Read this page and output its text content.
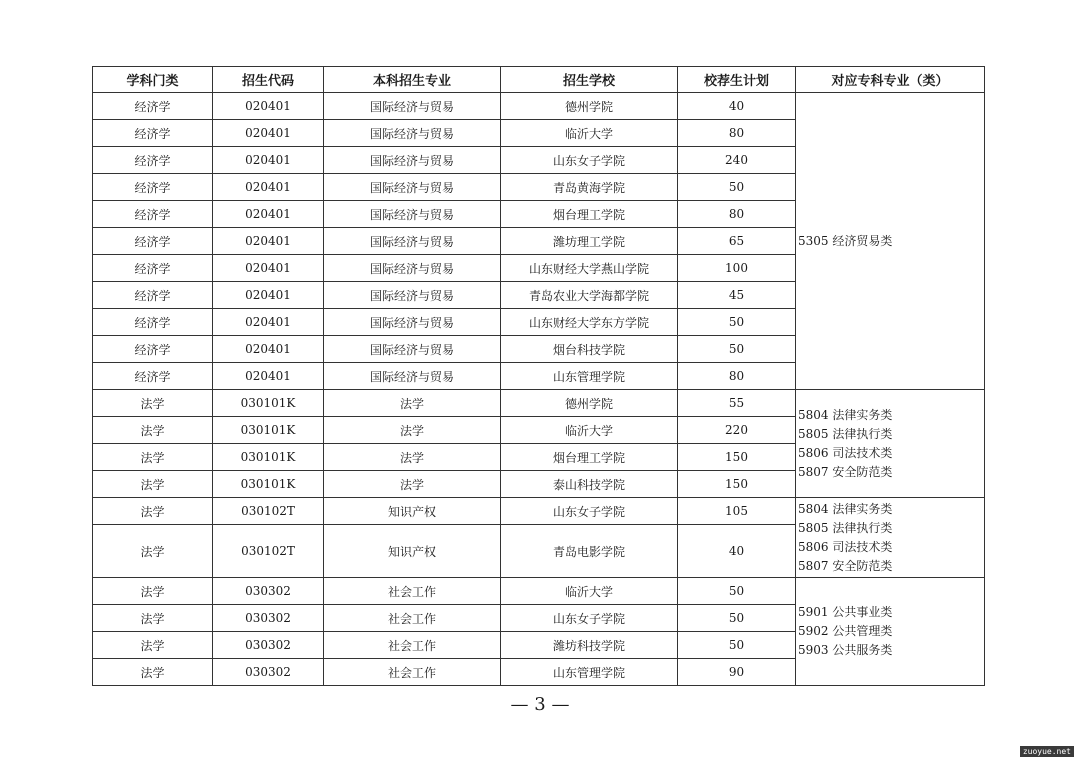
学科门类	招生代码	本科招生专业	招生学校	校荐生计划	对应专科专业（类）
经济学	020401	国际经济与贸易	德州学院	40	5305 经济贸易类

经济学	020401	国际经济与贸易	临沂大学	80	
经济学	020401	国际经济与贸易	山东女子学院	240	
经济学	020401	国际经济与贸易	青岛黄海学院	50	
经济学	020401	国际经济与贸易	烟台理工学院	80	
经济学	020401	国际经济与贸易	潍坊理工学院	65	
经济学	020401	国际经济与贸易	山东财经大学燕山学院	100	
经济学	020401	国际经济与贸易	青岛农业大学海都学院	45	
经济学	020401	国际经济与贸易	山东财经大学东方学院	50	
经济学	020401	国际经济与贸易	烟台科技学院	50	
经济学	020401	国际经济与贸易	山东管理学院	80	
法学	030101K	法学	德州学院	55	5804 法律实务类
5805 法律执行类
5806 司法技术类
5807 安全防范类

法学	030101K	法学	临沂大学	220	
法学	030101K	法学	烟台理工学院	150	
法学	030101K	法学	泰山科技学院	150	
法学	030102T	知识产权	山东女子学院	105	5804 法律实务类
5805 法律执行类
5806 司法技术类
5807 安全防范类

法学	030102T	知识产权	青岛电影学院	40	
法学	030302	社会工作	临沂大学	50	5901 公共事业类
5902 公共管理类
5903 公共服务类

法学	030302	社会工作	山东女子学院	50	
法学	030302	社会工作	潍坊科技学院	50	
法学	030302	社会工作	山东管理学院	90	
— 3 —
zuoyue.net
